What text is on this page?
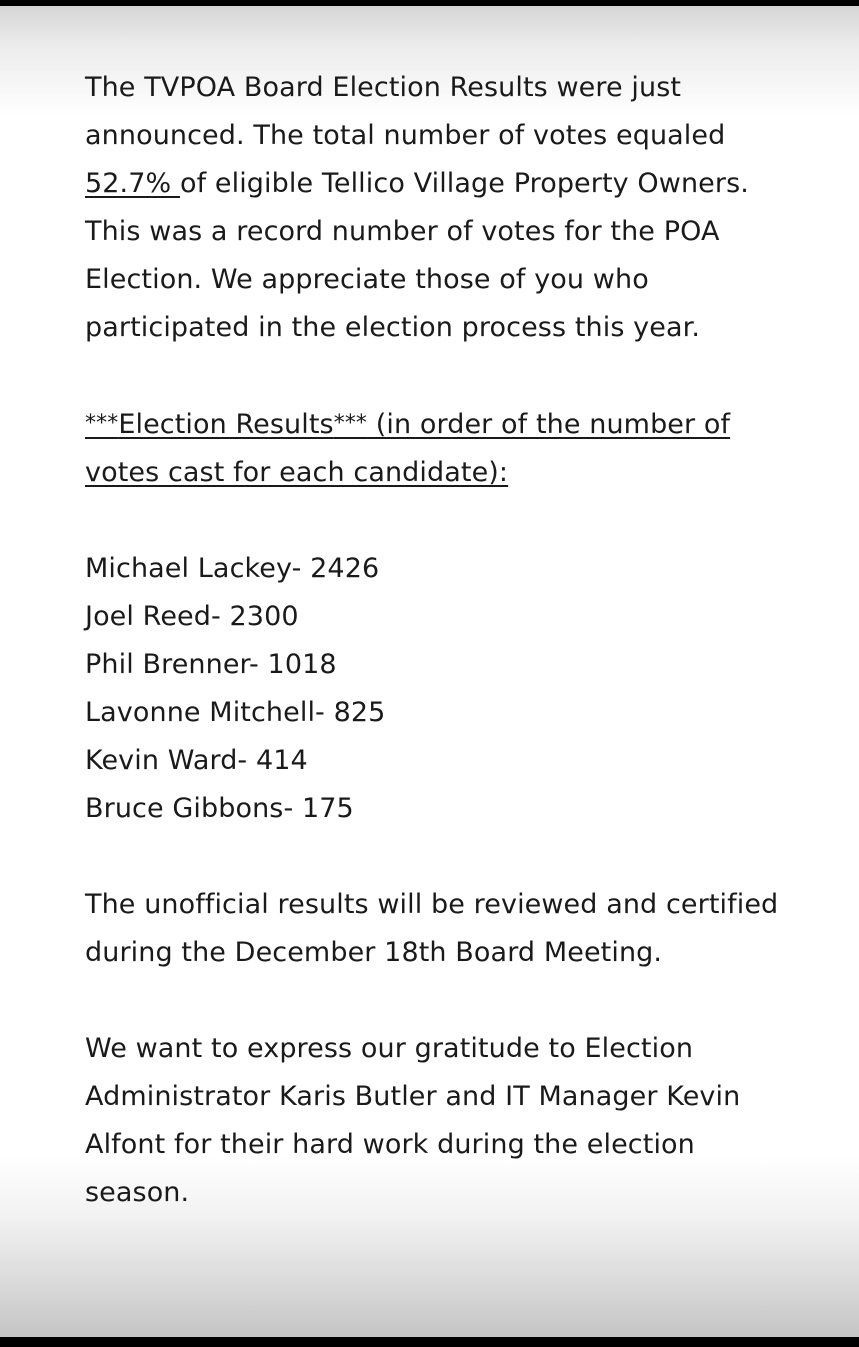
The TVPOA Board Election Results were just announced. The total number of votes equaled 52.7% of eligible Tellico Village Property Owners. This was a record number of votes for the POA Election. We appreciate those of you who participated in the election process this year.

***Election Results*** (in order of the number of votes cast for each candidate):

Michael Lackey- 2426
Joel Reed- 2300
Phil Brenner- 1018
Lavonne Mitchell- 825
Kevin Ward- 414
Bruce Gibbons- 175

The unofficial results will be reviewed and certified during the December 18th Board Meeting.

We want to express our gratitude to Election Administrator Karis Butler and IT Manager Kevin Alfont for their hard work during the election season.
